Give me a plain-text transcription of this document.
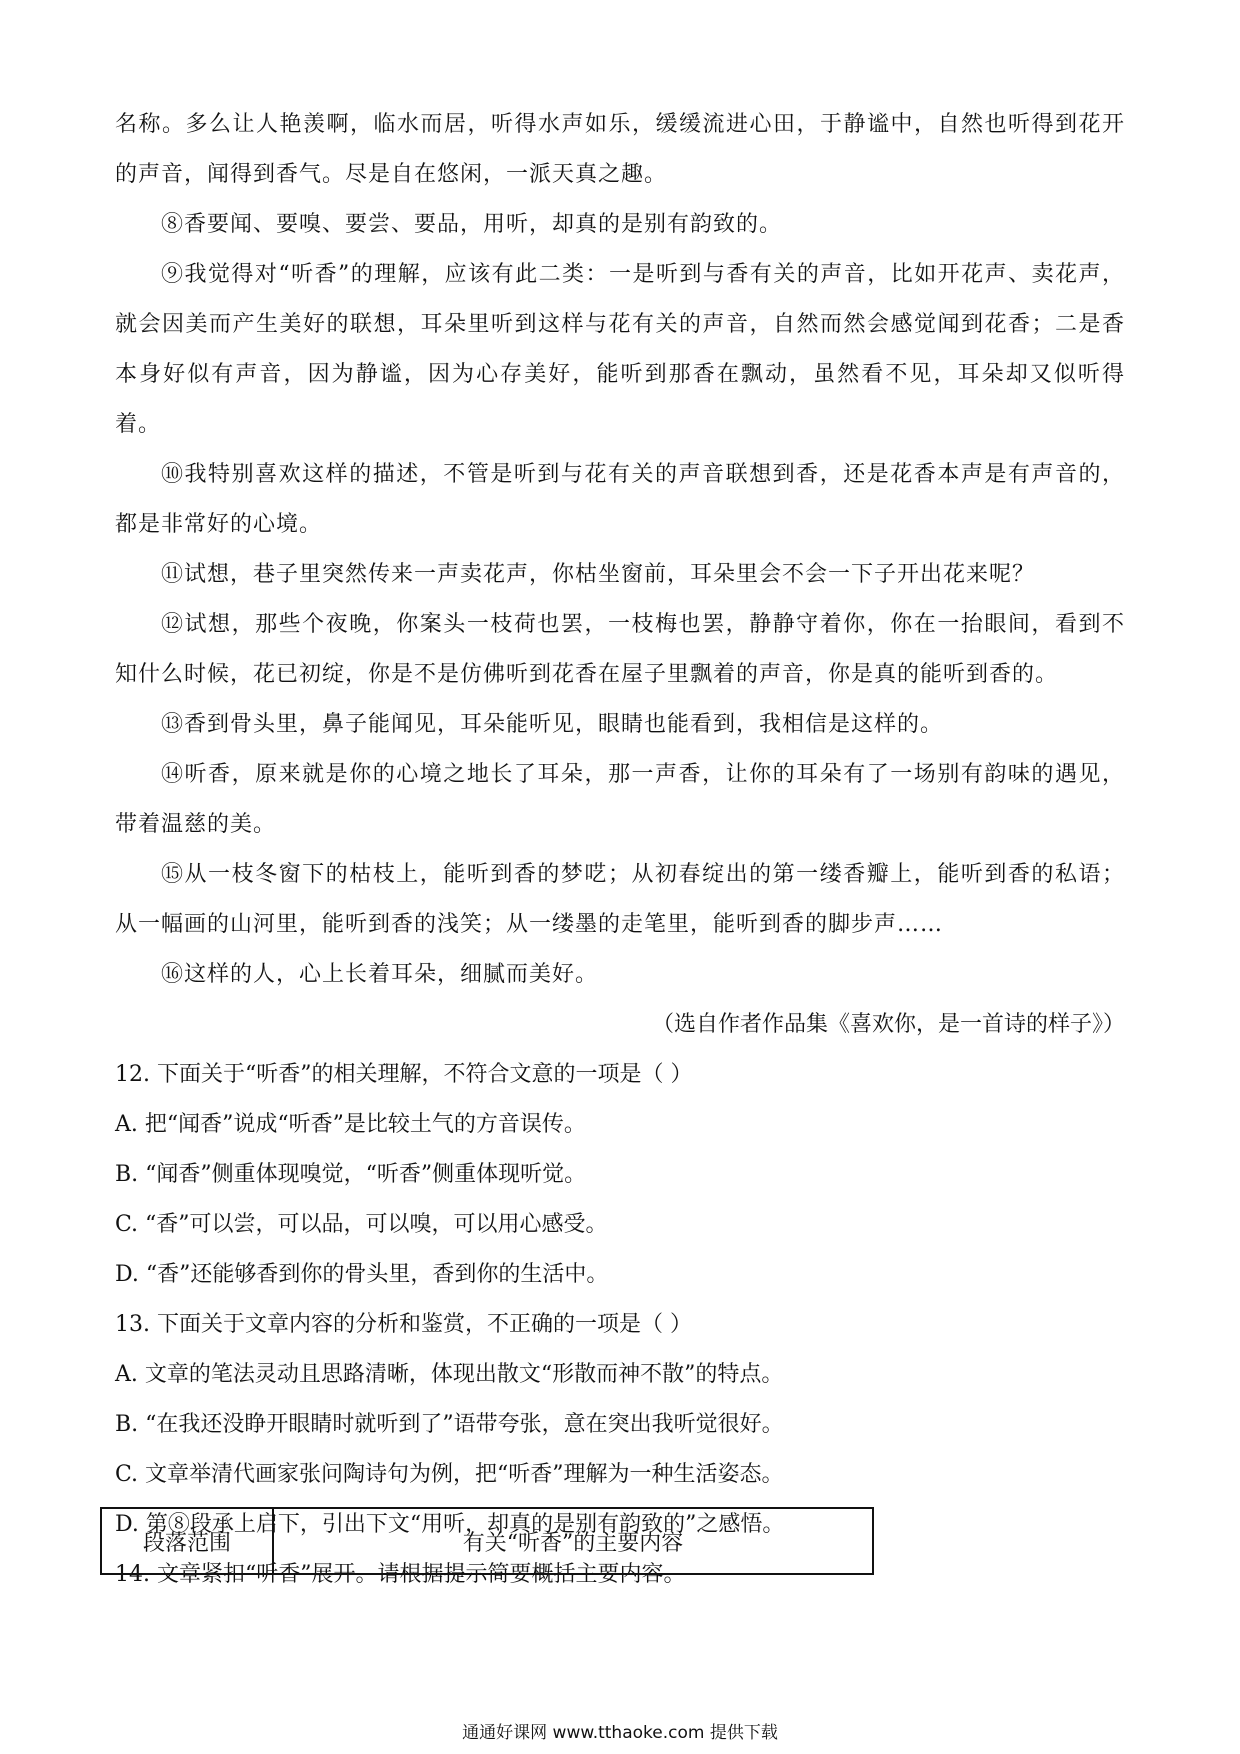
名称。多么让人艳羡啊，临水而居，听得水声如乐，缓缓流进心田，于静谧中，自然也听得到花开的声音，闻得到香气。尽是自在悠闲，一派天真之趣。

⑧香要闻、要嗅、要尝、要品，用听，却真的是别有韵致的。

⑨我觉得对“听香”的理解，应该有此二类：一是听到与香有关的声音，比如开花声、卖花声，就会因美而产生美好的联想，耳朵里听到这样与花有关的声音，自然而然会感觉闻到花香；二是香本身好似有声音，因为静谧，因为心存美好，能听到那香在飘动，虽然看不见，耳朵却又似听得着。

⑩我特别喜欢这样的描述，不管是听到与花有关的声音联想到香，还是花香本声是有声音的，都是非常好的心境。

⑪试想，巷子里突然传来一声卖花声，你枯坐窗前，耳朵里会不会一下子开出花来呢？

⑫试想，那些个夜晚，你案头一枝荷也罢，一枝梅也罢，静静守着你，你在一抬眼间，看到不知什么时候，花已初绽，你是不是仿佛听到花香在屋子里飘着的声音，你是真的能听到香的。

⑬香到骨头里，鼻子能闻见，耳朵能听见，眼睛也能看到，我相信是这样的。

⑭听香，原来就是你的心境之地长了耳朵，那一声香，让你的耳朵有了一场别有韵味的遇见，带着温慈的美。

⑮从一枝冬窗下的枯枝上，能听到香的梦呓；从初春绽出的第一缕香瓣上，能听到香的私语；从一幅画的山河里，能听到香的浅笑；从一缕墨的走笔里，能听到香的脚步声……

⑯这样的人，心上长着耳朵，细腻而美好。

（选自作者作品集《喜欢你，是一首诗的样子》）

12. 下面关于“听香”的相关理解，不符合文意的一项是（ ）

A. 把“闻香”说成“听香”是比较土气的方音误传。

B. “闻香”侧重体现嗅觉，“听香”侧重体现听觉。

C. “香”可以尝，可以品，可以嗅，可以用心感受。

D. “香”还能够香到你的骨头里，香到你的生活中。

13. 下面关于文章内容的分析和鉴赏，不正确的一项是（ ）

A. 文章的笔法灵动且思路清晰，体现出散文“形散而神不散”的特点。

B. “在我还没睁开眼睛时就听到了”语带夸张，意在突出我听觉很好。

C. 文章举清代画家张问陶诗句为例，把“听香”理解为一种生活姿态。

D. 第⑧段承上启下，引出下文“用听，却真的是别有韵致的”之感悟。

14. 文章紧扣“听香”展开。请根据提示简要概括主要内容。

段落范围	有关“听香”的主要内容
通通好课网 www.tthaoke.com 提供下载
